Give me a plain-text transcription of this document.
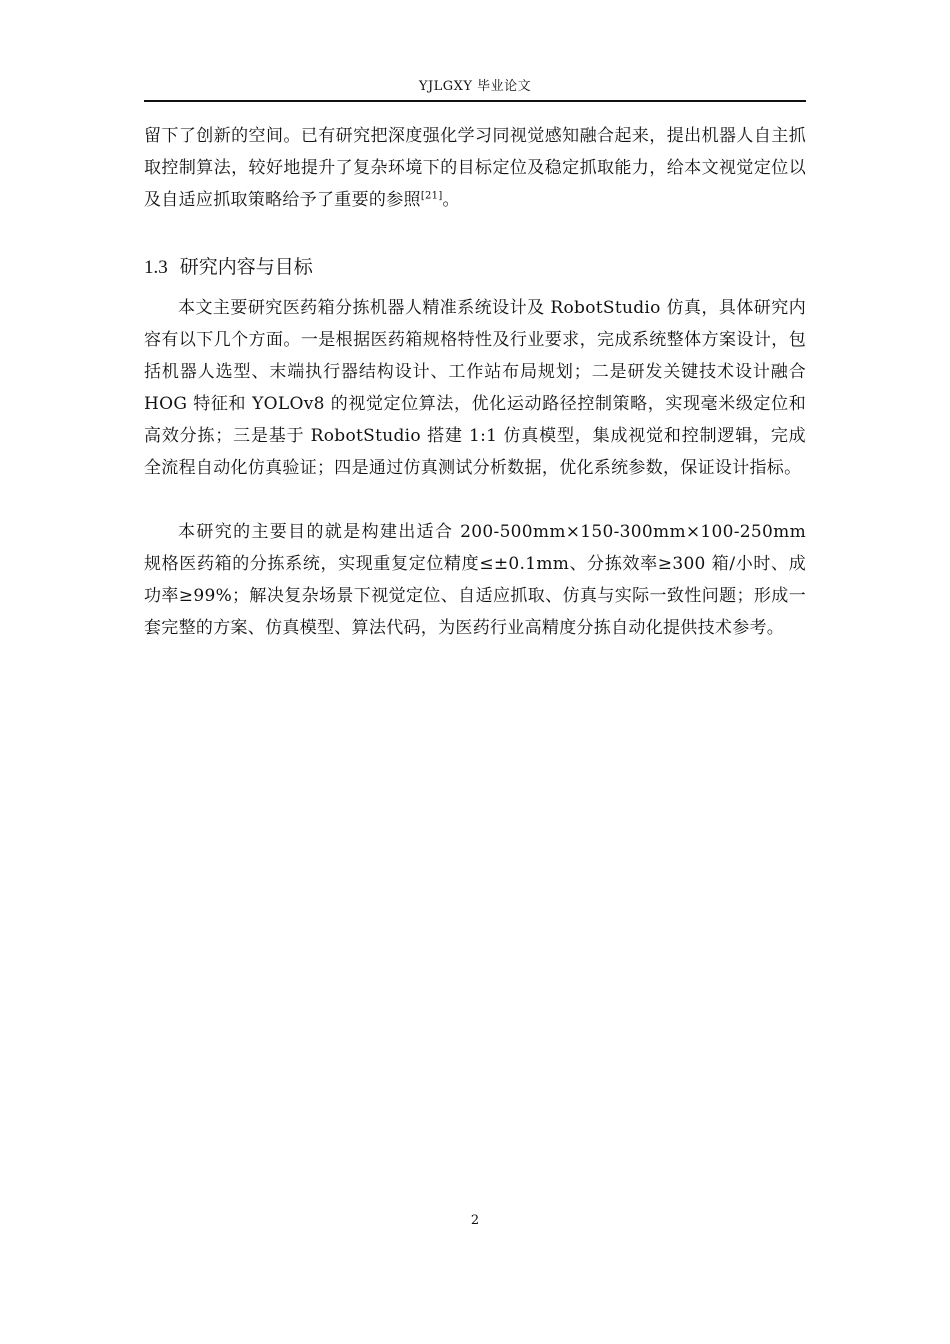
YJLGXY 毕业论文
留下了创新的空间。已有研究把深度强化学习同视觉感知融合起来，提出机器人自主抓取控制算法，较好地提升了复杂环境下的目标定位及稳定抓取能力，给本文视觉定位以及自适应抓取策略给予了重要的参照[21]。
1.3 研究内容与目标
本文主要研究医药箱分拣机器人精准系统设计及 RobotStudio 仿真，具体研究内容有以下几个方面。一是根据医药箱规格特性及行业要求，完成系统整体方案设计，包括机器人选型、末端执行器结构设计、工作站布局规划；二是研发关键技术设计融合 HOG 特征和 YOLOv8 的视觉定位算法，优化运动路径控制策略，实现毫米级定位和高效分拣；三是基于 RobotStudio 搭建 1:1 仿真模型，集成视觉和控制逻辑，完成全流程自动化仿真验证；四是通过仿真测试分析数据，优化系统参数，保证设计指标。
本研究的主要目的就是构建出适合 200-500mm×150-300mm×100-250mm 规格医药箱的分拣系统，实现重复定位精度≤±0.1mm、分拣效率≥300 箱/小时、成功率≥99%；解决复杂场景下视觉定位、自适应抓取、仿真与实际一致性问题；形成一套完整的方案、仿真模型、算法代码，为医药行业高精度分拣自动化提供技术参考。
2
